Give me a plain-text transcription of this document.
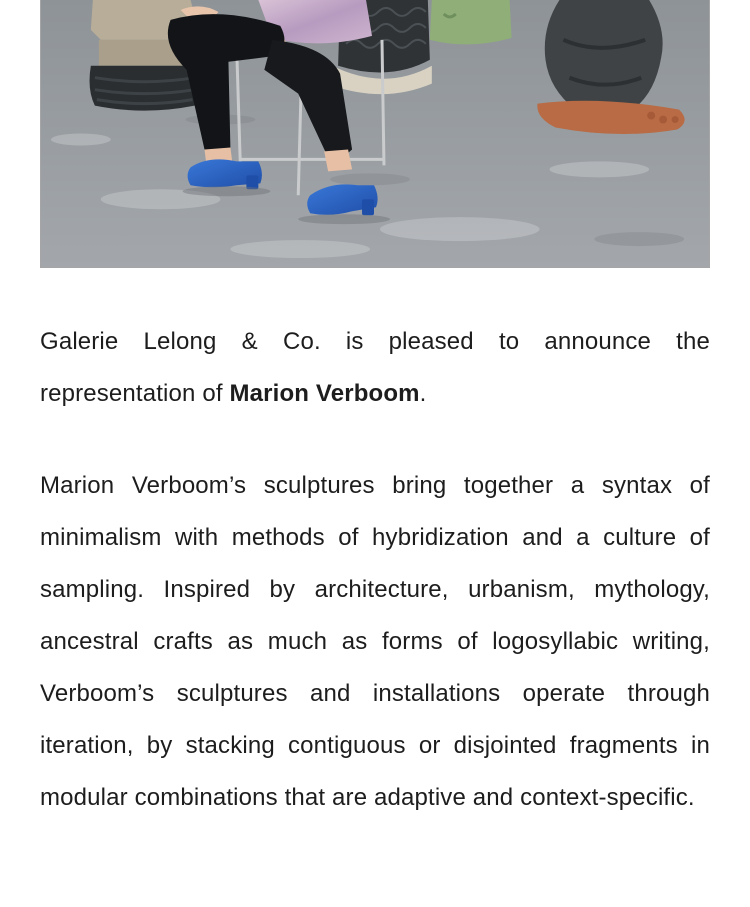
Galerie Lelong & Co. is pleased to announce the representation of Marion Verboom.

Marion Verboom’s sculptures bring together a syntax of minimalism with methods of hybridization and a culture of sampling. Inspired by architecture, urbanism, mythology, ancestral crafts as much as forms of logosyllabic writing, Verboom’s sculptures and installations operate through iteration, by stacking contiguous or disjointed fragments in modular combinations that are adaptive and context-specific.
